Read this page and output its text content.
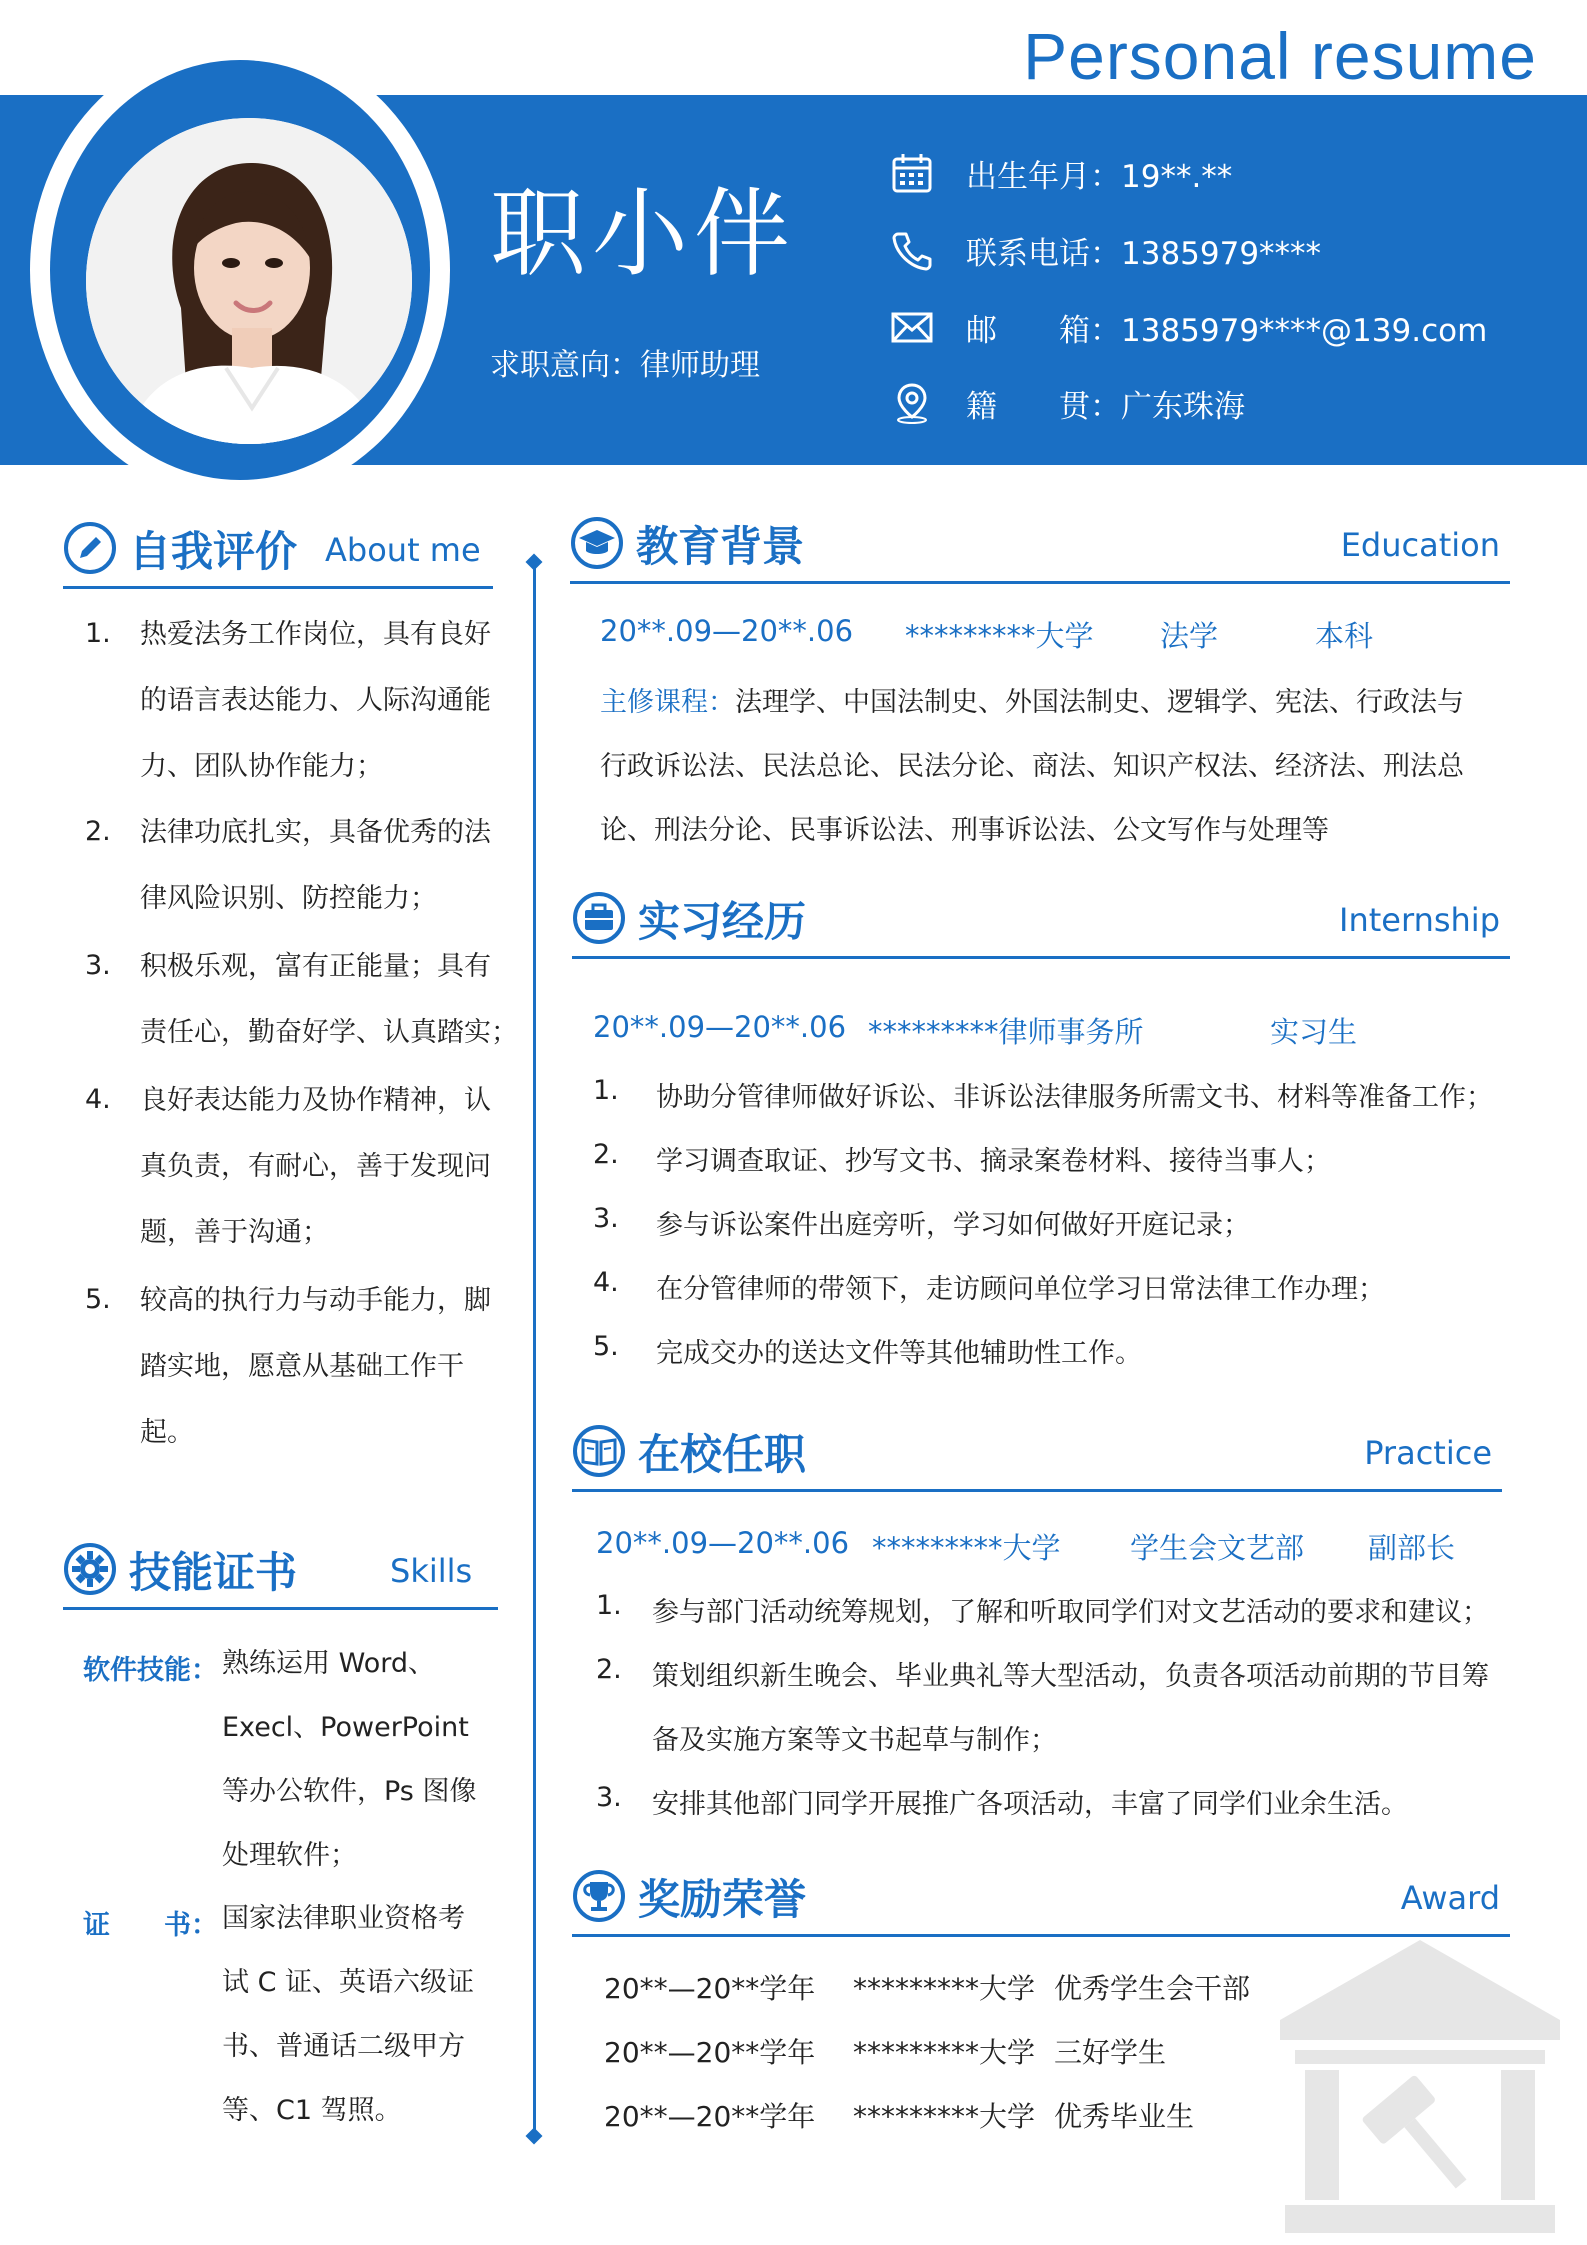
Personal resume
职小伴
求职意向：律师助理
出生年月：19**.**
联系电话：1385979****
邮　　箱：1385979****@139.com
籍　　贯：广东珠海
自我评价 About me
1. 热爱法务工作岗位，具有良好
的语言表达能力、人际沟通能
力、团队协作能力；
2. 法律功底扎实，具备优秀的法
律风险识别、防控能力；
3. 积极乐观，富有正能量；具有
责任心，勤奋好学、认真踏实；
4. 良好表达能力及协作精神，认
真负责，有耐心，善于发现问
题，善于沟通；
5. 较高的执行力与动手能力，脚
踏实地，愿意从基础工作干
起。
技能证书	Skills
软件技能： 熟练运用 Word、
Execl、PowerPoint
等办公软件，Ps 图像
处理软件；
证　　书： 国家法律职业资格考
试 C 证、英语六级证
书、普通话二级甲方
等、C1 驾照。
教育背景	Education
20**.09—20**.06 *********大学 法学	本科
主修课程：法理学、中国法制史、外国法制史、逻辑学、宪法、行政法与
行政诉讼法、民法总论、民法分论、商法、知识产权法、经济法、刑法总
论、刑法分论、民事诉讼法、刑事诉讼法、公文写作与处理等
实习经历	Internship
20**.09—20**.06 *********律师事务所	实习生
1. 协助分管律师做好诉讼、非诉讼法律服务所需文书、材料等准备工作；
2. 学习调查取证、抄写文书、摘录案卷材料、接待当事人；
3. 参与诉讼案件出庭旁听，学习如何做好开庭记录；
4. 在分管律师的带领下，走访顾问单位学习日常法律工作办理；
5. 完成交办的送达文件等其他辅助性工作。
在校任职	Practice
20**.09—20**.06 *********大学 学生会文艺部 副部长
1. 参与部门活动统筹规划，了解和听取同学们对文艺活动的要求和建议；
2. 策划组织新生晚会、毕业典礼等大型活动，负责各项活动前期的节目筹
备及实施方案等文书起草与制作；
3. 安排其他部门同学开展推广各项活动，丰富了同学们业余生活。
奖励荣誉	Award
20**—20**学年 *********大学 优秀学生会干部
20**—20**学年 *********大学 三好学生
20**—20**学年 *********大学 优秀毕业生
